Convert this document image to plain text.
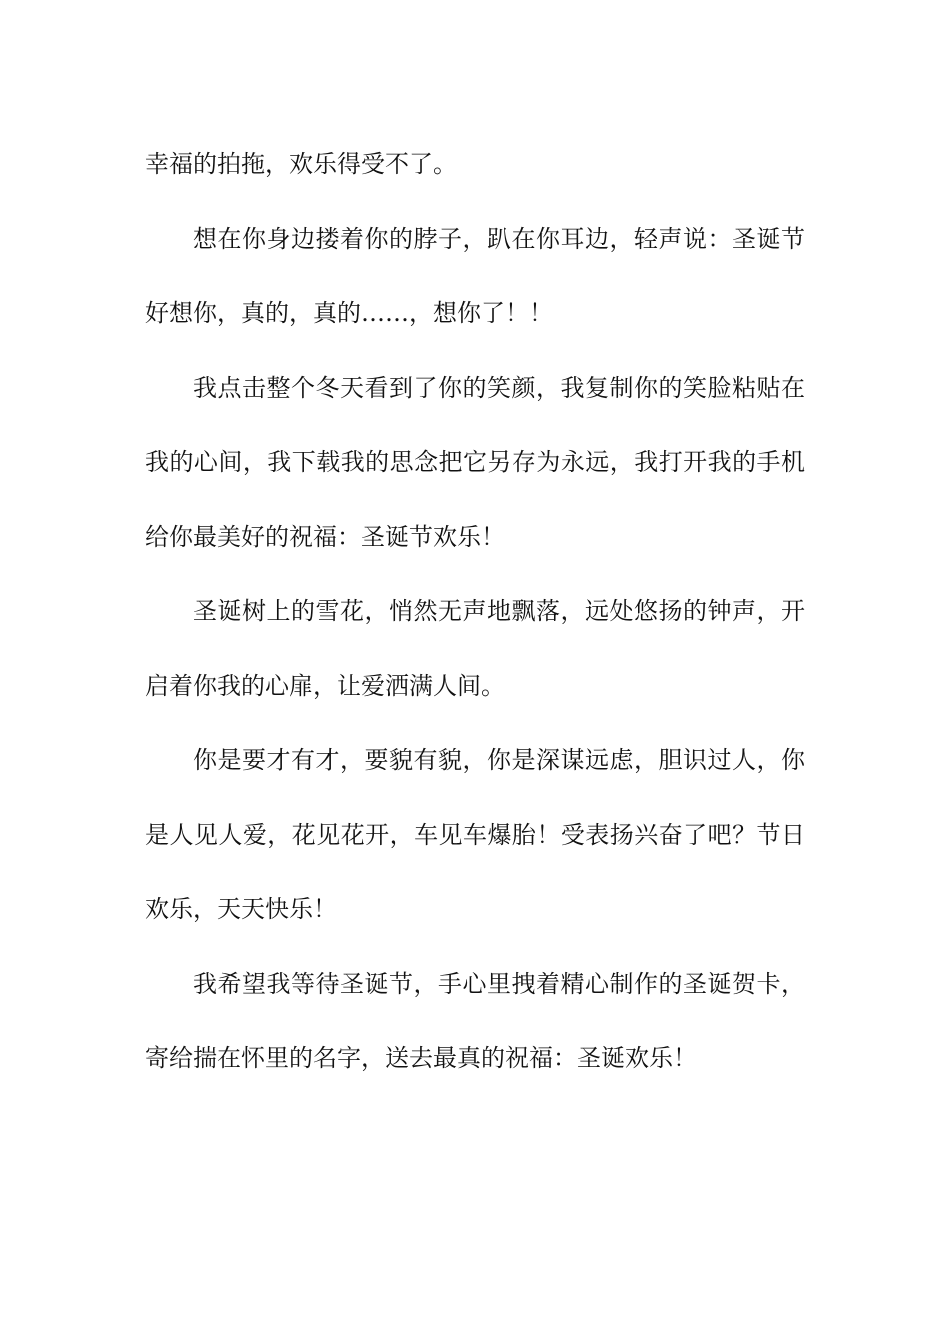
幸福的拍拖，欢乐得受不了。

想在你身边搂着你的脖子，趴在你耳边，轻声说：圣诞节好想你，真的，真的……，想你了！！

我点击整个冬天看到了你的笑颜，我复制你的笑脸粘贴在我的心间，我下载我的思念把它另存为永远，我打开我的手机给你最美好的祝福：圣诞节欢乐！

圣诞树上的雪花，悄然无声地飘落，远处悠扬的钟声，开启着你我的心扉，让爱洒满人间。

你是要才有才，要貌有貌，你是深谋远虑，胆识过人，你是人见人爱，花见花开，车见车爆胎！受表扬兴奋了吧？节日欢乐，天天快乐！

我希望我等待圣诞节，手心里拽着精心制作的圣诞贺卡，寄给揣在怀里的名字，送去最真的祝福：圣诞欢乐！
